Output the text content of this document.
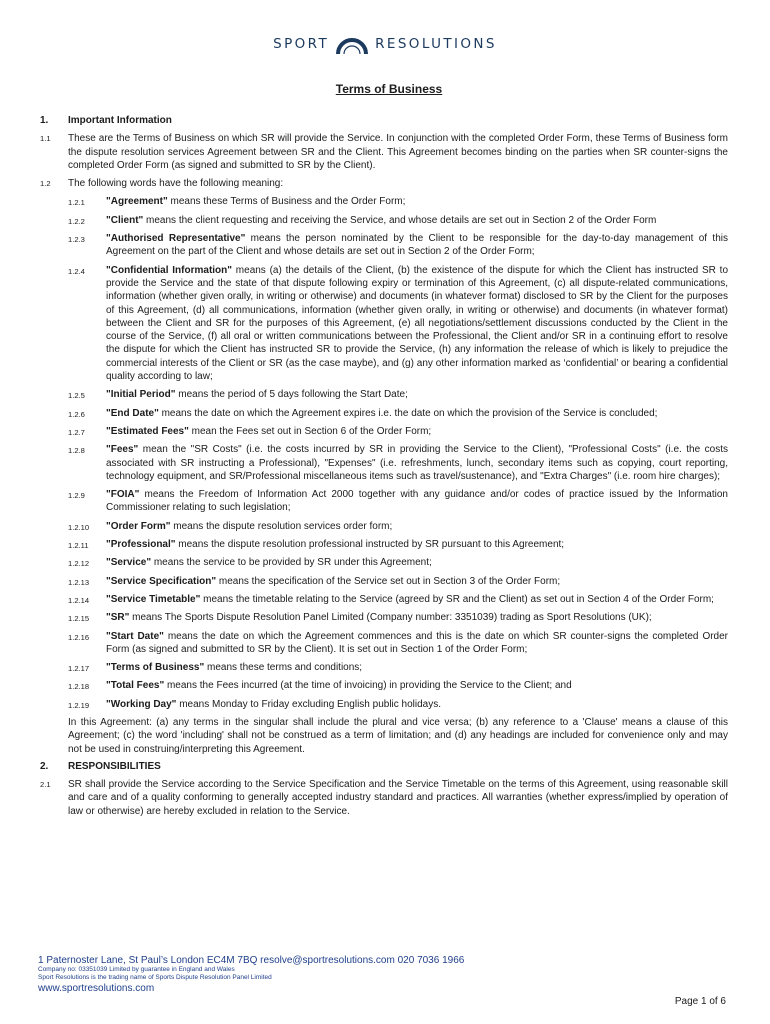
SPORT	RESOLUTIONS
Terms of Business
1. Important Information
1.1 These are the Terms of Business on which SR will provide the Service. In conjunction with the completed Order Form, these Terms of Business form the dispute resolution services Agreement between SR and the Client. This Agreement becomes binding on the parties when SR counter-signs the completed Order Form (as signed and submitted to SR by the Client).
1.2 The following words have the following meaning:
1.2.1 "Agreement" means these Terms of Business and the Order Form;
1.2.2 "Client" means the client requesting and receiving the Service, and whose details are set out in Section 2 of the Order Form
1.2.3 "Authorised Representative" means the person nominated by the Client to be responsible for the day-to-day management of this Agreement on the part of the Client and whose details are set out in Section 2 of the Order Form;
1.2.4 "Confidential Information" means (a) the details of the Client, (b) the existence of the dispute for which the Client has instructed SR to provide the Service and the state of that dispute following expiry or termination of this Agreement, (c) all dispute-related communications, information (whether given orally, in writing or otherwise) and documents (in whatever format) disclosed to SR by the Client for the purposes of this Agreement, (d) all communications, information (whether given orally, in writing or otherwise) and documents (in whatever format) between the Client and SR for the purposes of this Agreement, (e) all negotiations/settlement discussions conducted by the Client in the course of the Service, (f) all oral or written communications between the Professional, the Client and/or SR in a continuing effort to resolve the dispute for which the Client has instructed SR to provide the Service, (h) any information the release of which is likely to prejudice the commercial interests of the Client or SR (as the case maybe), and (g) any other information marked as ‘confidential’ or bearing a confidential quality according to law;
1.2.5 "Initial Period" means the period of 5 days following the Start Date;
1.2.6 "End Date" means the date on which the Agreement expires i.e. the date on which the provision of the Service is concluded;
1.2.7 "Estimated Fees" mean the Fees set out in Section 6 of the Order Form;
1.2.8 "Fees" mean the "SR Costs" (i.e. the costs incurred by SR in providing the Service to the Client), "Professional Costs" (i.e. the costs associated with SR instructing a Professional), "Expenses" (i.e. refreshments, lunch, secondary items such as copying, court reporting, technology equipment, and SR/Professional miscellaneous items such as travel/sustenance), and "Extra Charges" (i.e. room hire charges);
1.2.9 "FOIA" means the Freedom of Information Act 2000 together with any guidance and/or codes of practice issued by the Information Commissioner relating to such legislation;
1.2.10 "Order Form" means the dispute resolution services order form;
1.2.11 "Professional" means the dispute resolution professional instructed by SR pursuant to this Agreement;
1.2.12 "Service" means the service to be provided by SR under this Agreement;
1.2.13 "Service Specification" means the specification of the Service set out in Section 3 of the Order Form;
1.2.14 "Service Timetable" means the timetable relating to the Service (agreed by SR and the Client) as set out in Section 4 of the Order Form;
1.2.15 "SR" means The Sports Dispute Resolution Panel Limited (Company number: 3351039) trading as Sport Resolutions (UK);
1.2.16 "Start Date" means the date on which the Agreement commences and this is the date on which SR counter-signs the completed Order Form (as signed and submitted to SR by the Client). It is set out in Section 1 of the Order Form;
1.2.17 "Terms of Business" means these terms and conditions;
1.2.18 "Total Fees" means the Fees incurred (at the time of invoicing) in providing the Service to the Client; and
1.2.19 "Working Day" means Monday to Friday excluding English public holidays.
In this Agreement: (a) any terms in the singular shall include the plural and vice versa; (b) any reference to a 'Clause' means a clause of this Agreement; (c) the word 'including' shall not be construed as a term of limitation; and (d) any headings are included for convenience only and may not be used in construing/interpreting this Agreement.
2. RESPONSIBILITIES
2.1 SR shall provide the Service according to the Service Specification and the Service Timetable on the terms of this Agreement, using reasonable skill and care and of a quality conforming to generally accepted industry standard and practices. All warranties (whether express/implied by operation of law or otherwise) are hereby excluded in relation to the Service.
1 Paternoster Lane, St Paul’s London EC4M 7BQ resolve@sportresolutions.com 020 7036 1966
Company no: 03351039 Limited by guarantee in England and Wales
Sport Resolutions is the trading name of Sports Dispute Resolution Panel Limited
www.sportresolutions.com
Page 1 of 6
